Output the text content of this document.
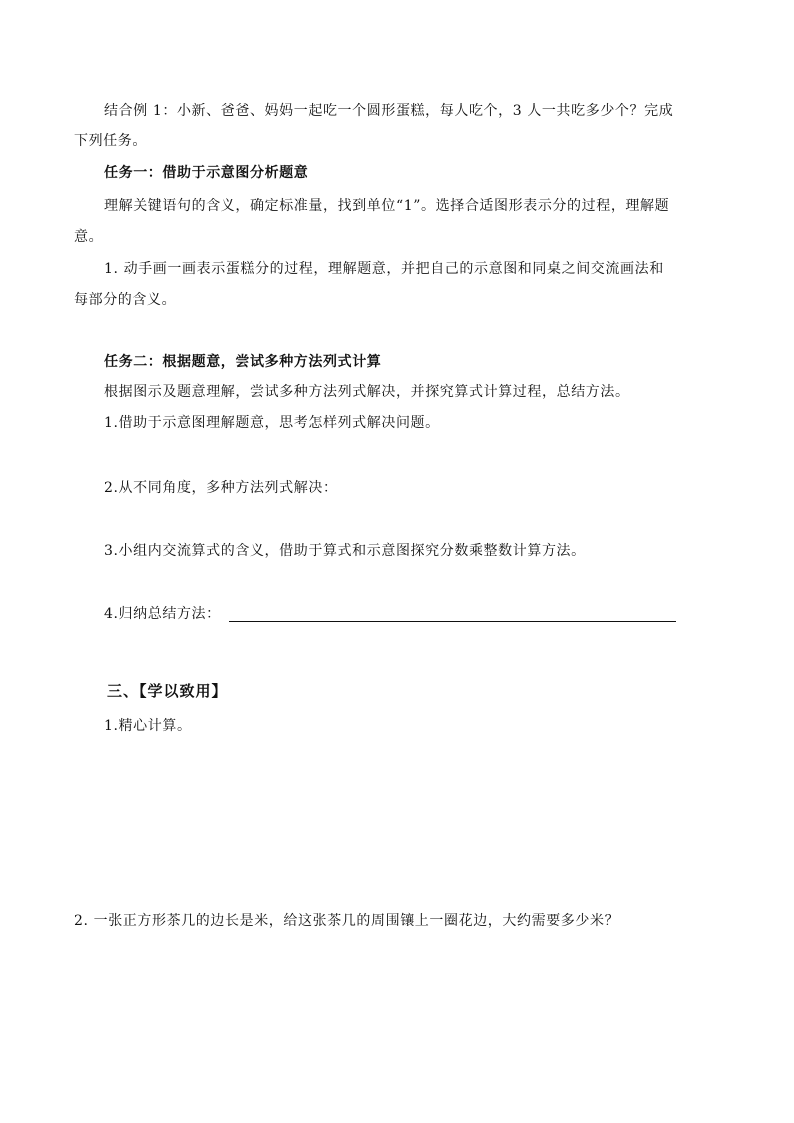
结合例 1：小新、爸爸、妈妈一起吃一个圆形蛋糕，每人吃个，3 人一共吃多少个？完成
下列任务。
任务一：借助于示意图分析题意
理解关键语句的含义，确定标准量，找到单位“1”。选择合适图形表示分的过程，理解题
意。
1. 动手画一画表示蛋糕分的过程，理解题意，并把自己的示意图和同桌之间交流画法和
每部分的含义。
任务二：根据题意，尝试多种方法列式计算
根据图示及题意理解，尝试多种方法列式解决，并探究算式计算过程，总结方法。
1.借助于示意图理解题意，思考怎样列式解决问题。
2.从不同角度，多种方法列式解决：
3.小组内交流算式的含义，借助于算式和示意图探究分数乘整数计算方法。
4.归纳总结方法：
三、【学以致用】
1.精心计算。
2. 一张正方形茶几的边长是米，给这张茶几的周围镶上一圈花边，大约需要多少米？
